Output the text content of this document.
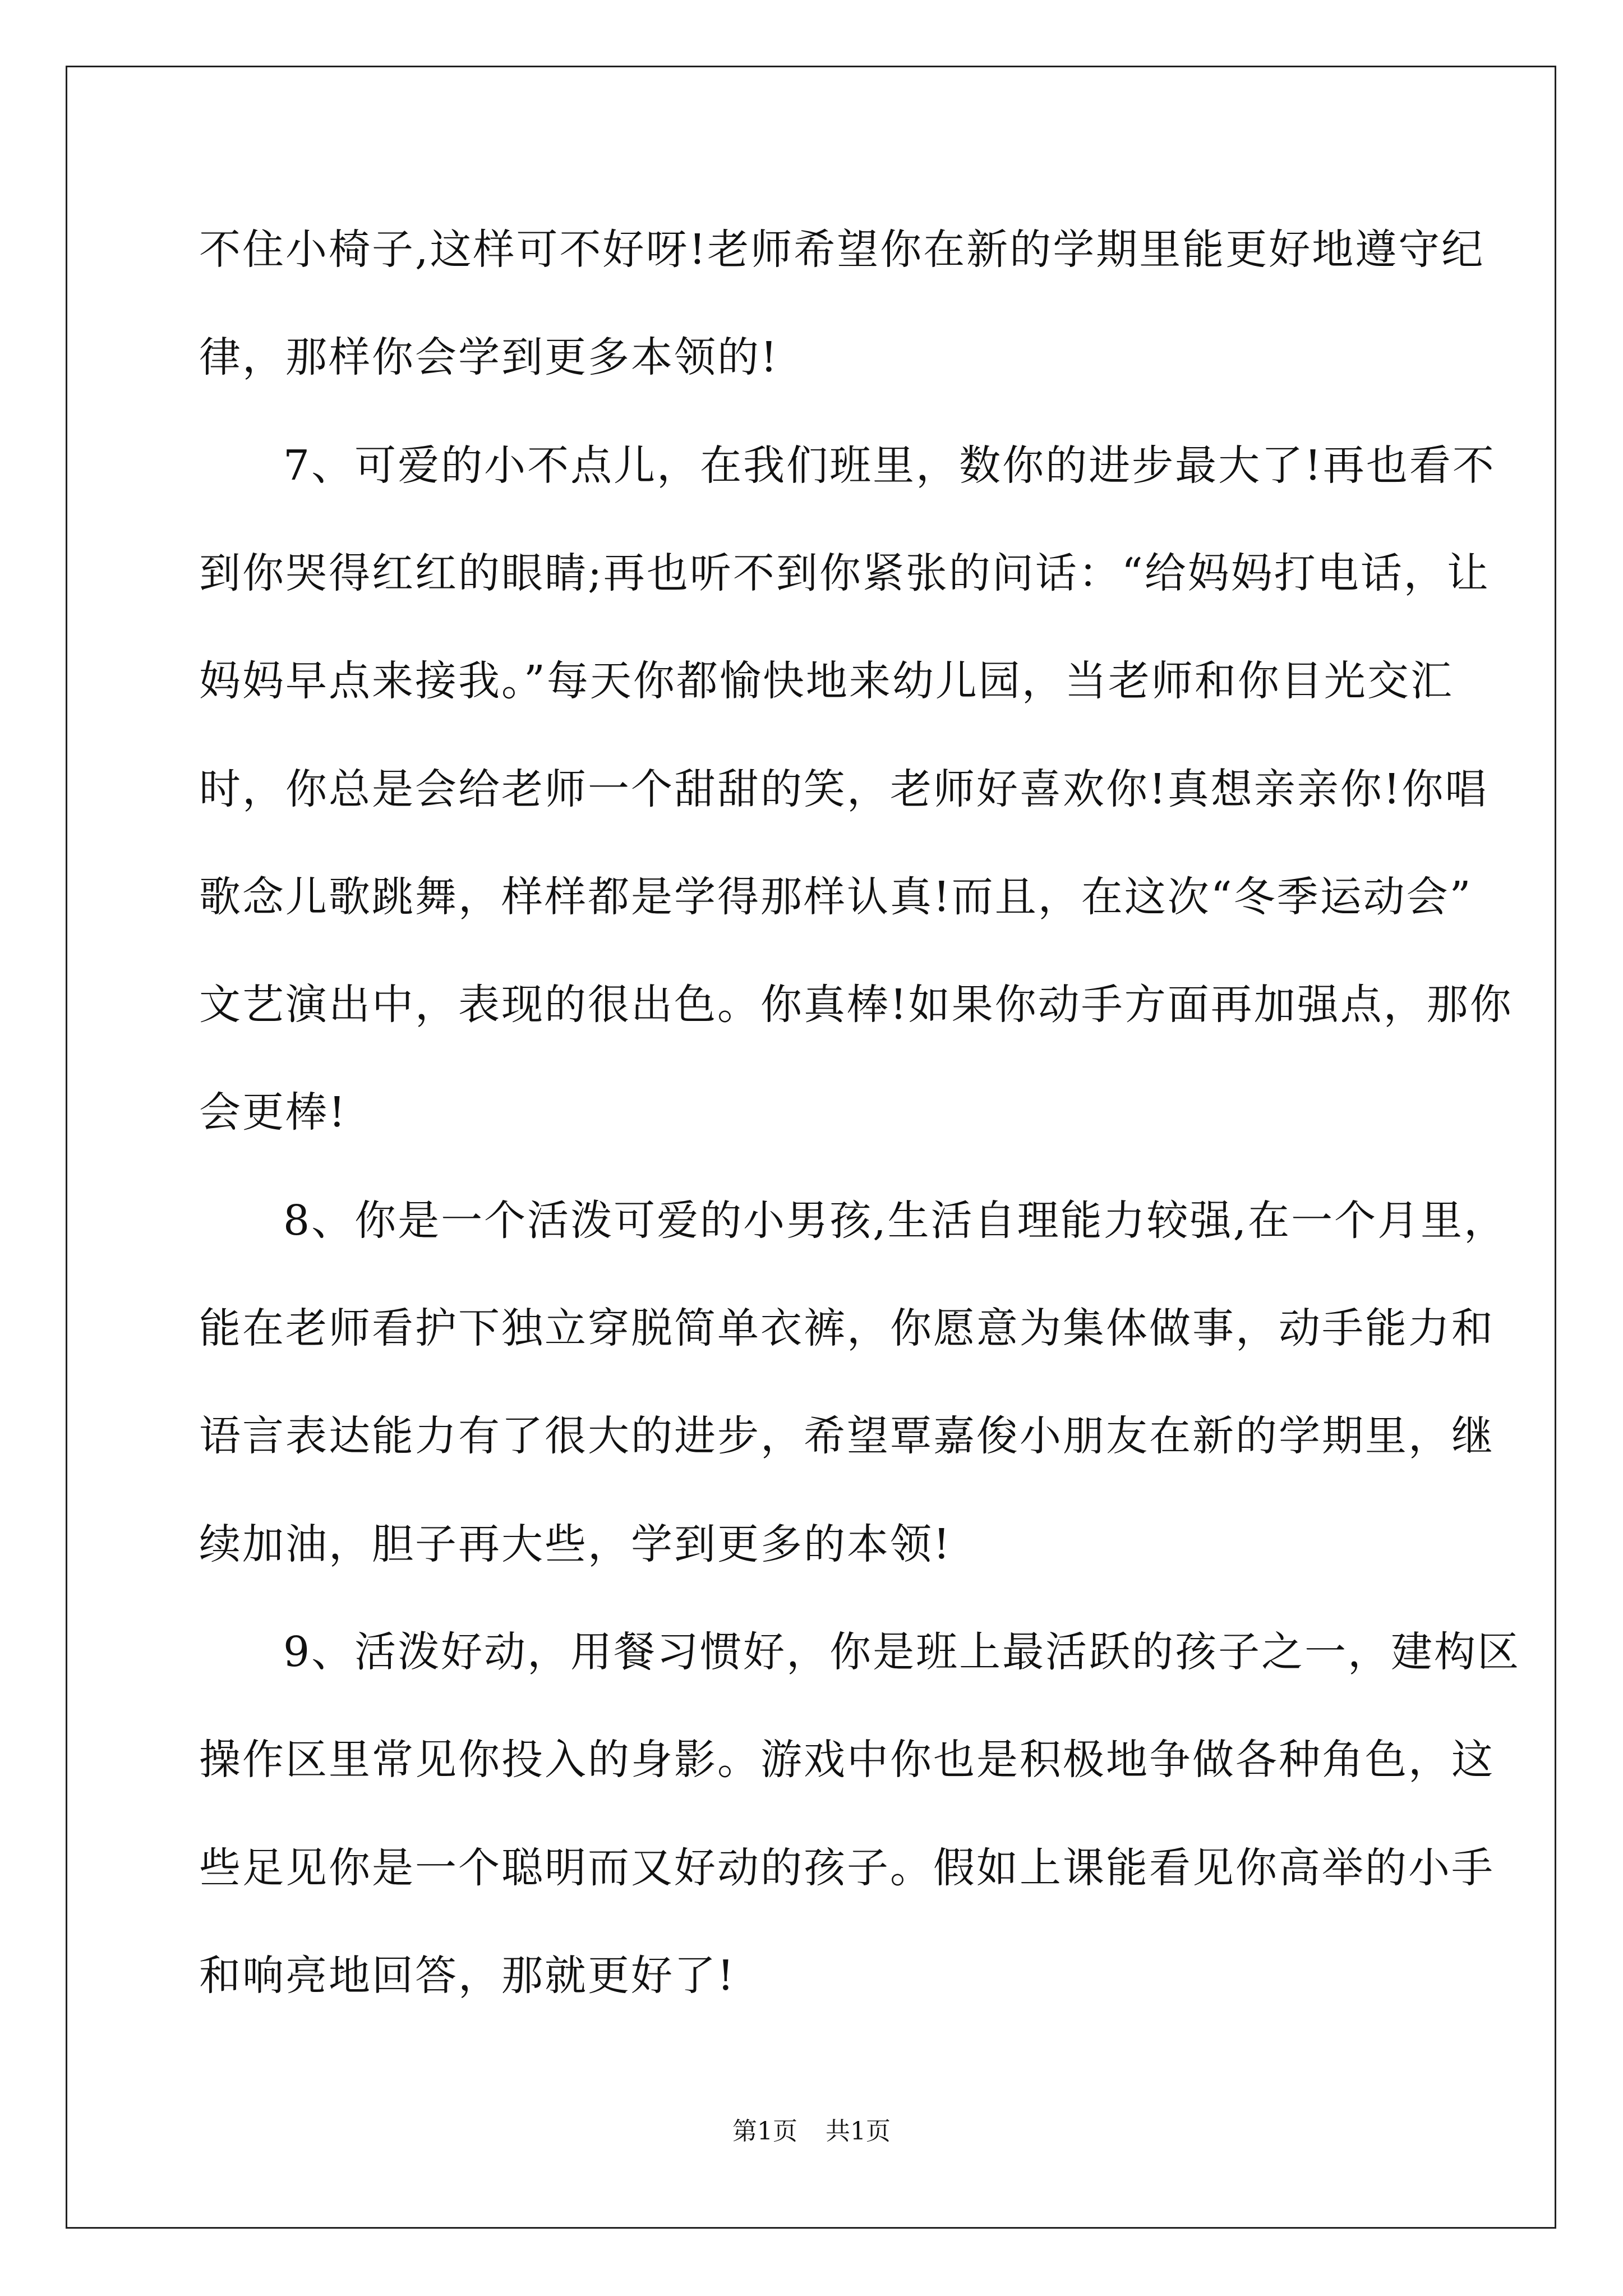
不住小椅子,这样可不好呀!老师希望你在新的学期里能更好地遵守纪
律，那样你会学到更多本领的!
7、可爱的小不点儿，在我们班里，数你的进步最大了!再也看不
到你哭得红红的眼睛;再也听不到你紧张的问话：“给妈妈打电话，让
妈妈早点来接我。”每天你都愉快地来幼儿园，当老师和你目光交汇
时，你总是会给老师一个甜甜的笑，老师好喜欢你!真想亲亲你!你唱
歌念儿歌跳舞，样样都是学得那样认真!而且，在这次“冬季运动会”
文艺演出中，表现的很出色。你真棒!如果你动手方面再加强点，那你
会更棒!
8、你是一个活泼可爱的小男孩,生活自理能力较强,在一个月里，
能在老师看护下独立穿脱简单衣裤，你愿意为集体做事，动手能力和
语言表达能力有了很大的进步，希望覃嘉俊小朋友在新的学期里，继
续加油，胆子再大些，学到更多的本领!
9、活泼好动，用餐习惯好，你是班上最活跃的孩子之一，建构区
操作区里常见你投入的身影。游戏中你也是积极地争做各种角色，这
些足见你是一个聪明而又好动的孩子。假如上课能看见你高举的小手
和响亮地回答，那就更好了!
第1页 共1页
